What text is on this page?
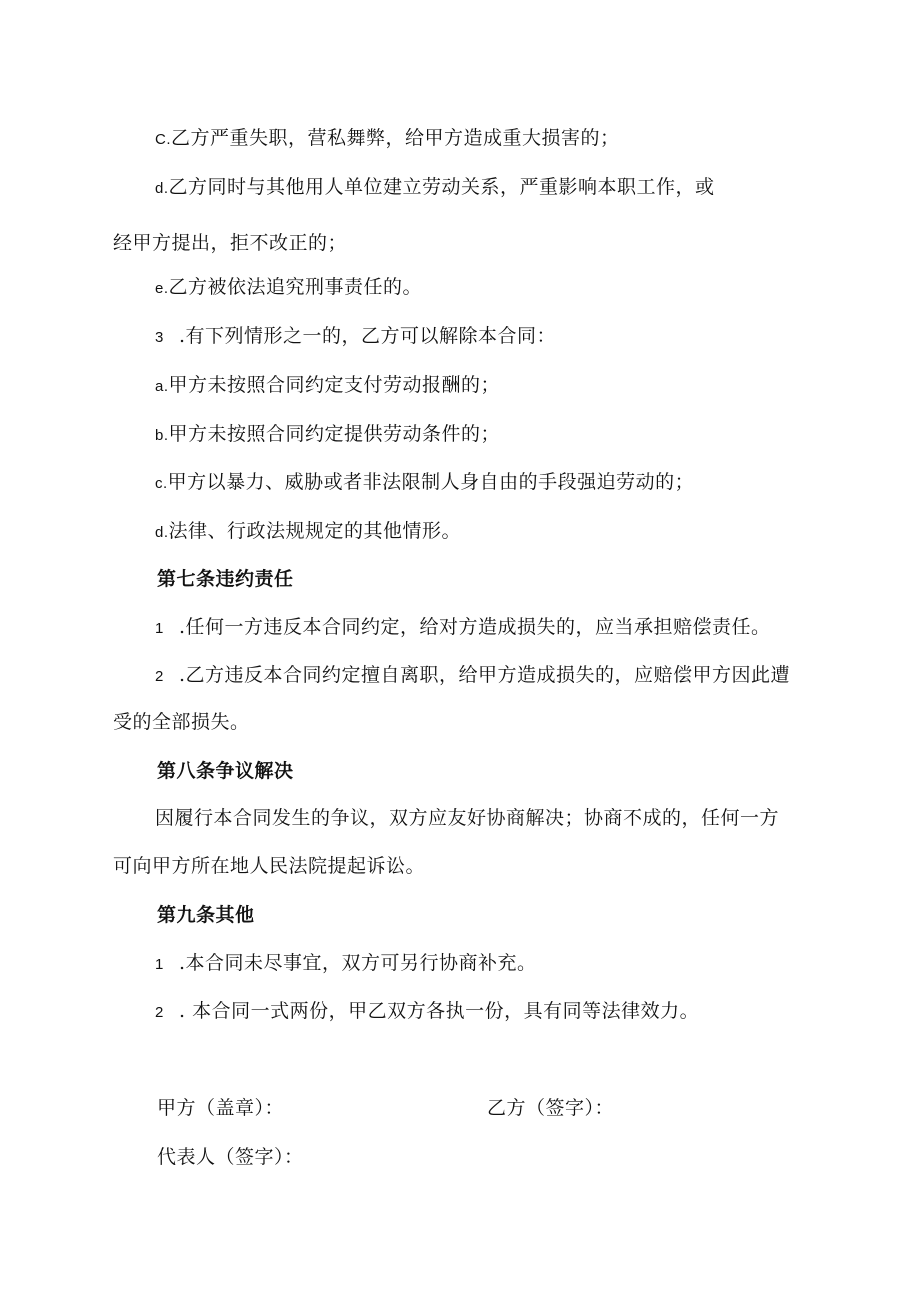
C.乙方严重失职，营私舞弊，给甲方造成重大损害的；
d.乙方同时与其他用人单位建立劳动关系，严重影响本职工作，或
经甲方提出，拒不改正的；
e.乙方被依法追究刑事责任的。
3 .有下列情形之一的，乙方可以解除本合同：
a.甲方未按照合同约定支付劳动报酬的；
b.甲方未按照合同约定提供劳动条件的；
c.甲方以暴力、威胁或者非法限制人身自由的手段强迫劳动的；
d.法律、行政法规规定的其他情形。
第七条违约责任
1 .任何一方违反本合同约定，给对方造成损失的，应当承担赔偿责任。
2 .乙方违反本合同约定擅自离职，给甲方造成损失的，应赔偿甲方因此遭
受的全部损失。
第八条争议解决
因履行本合同发生的争议，双方应友好协商解决；协商不成的，任何一方
可向甲方所在地人民法院提起诉讼。
第九条其他
1 .本合同未尽事宜，双方可另行协商补充。
2 . 本合同一式两份，甲乙双方各执一份，具有同等法律效力。
甲方（盖章）：	乙方（签字）：
代表人（签字）：
